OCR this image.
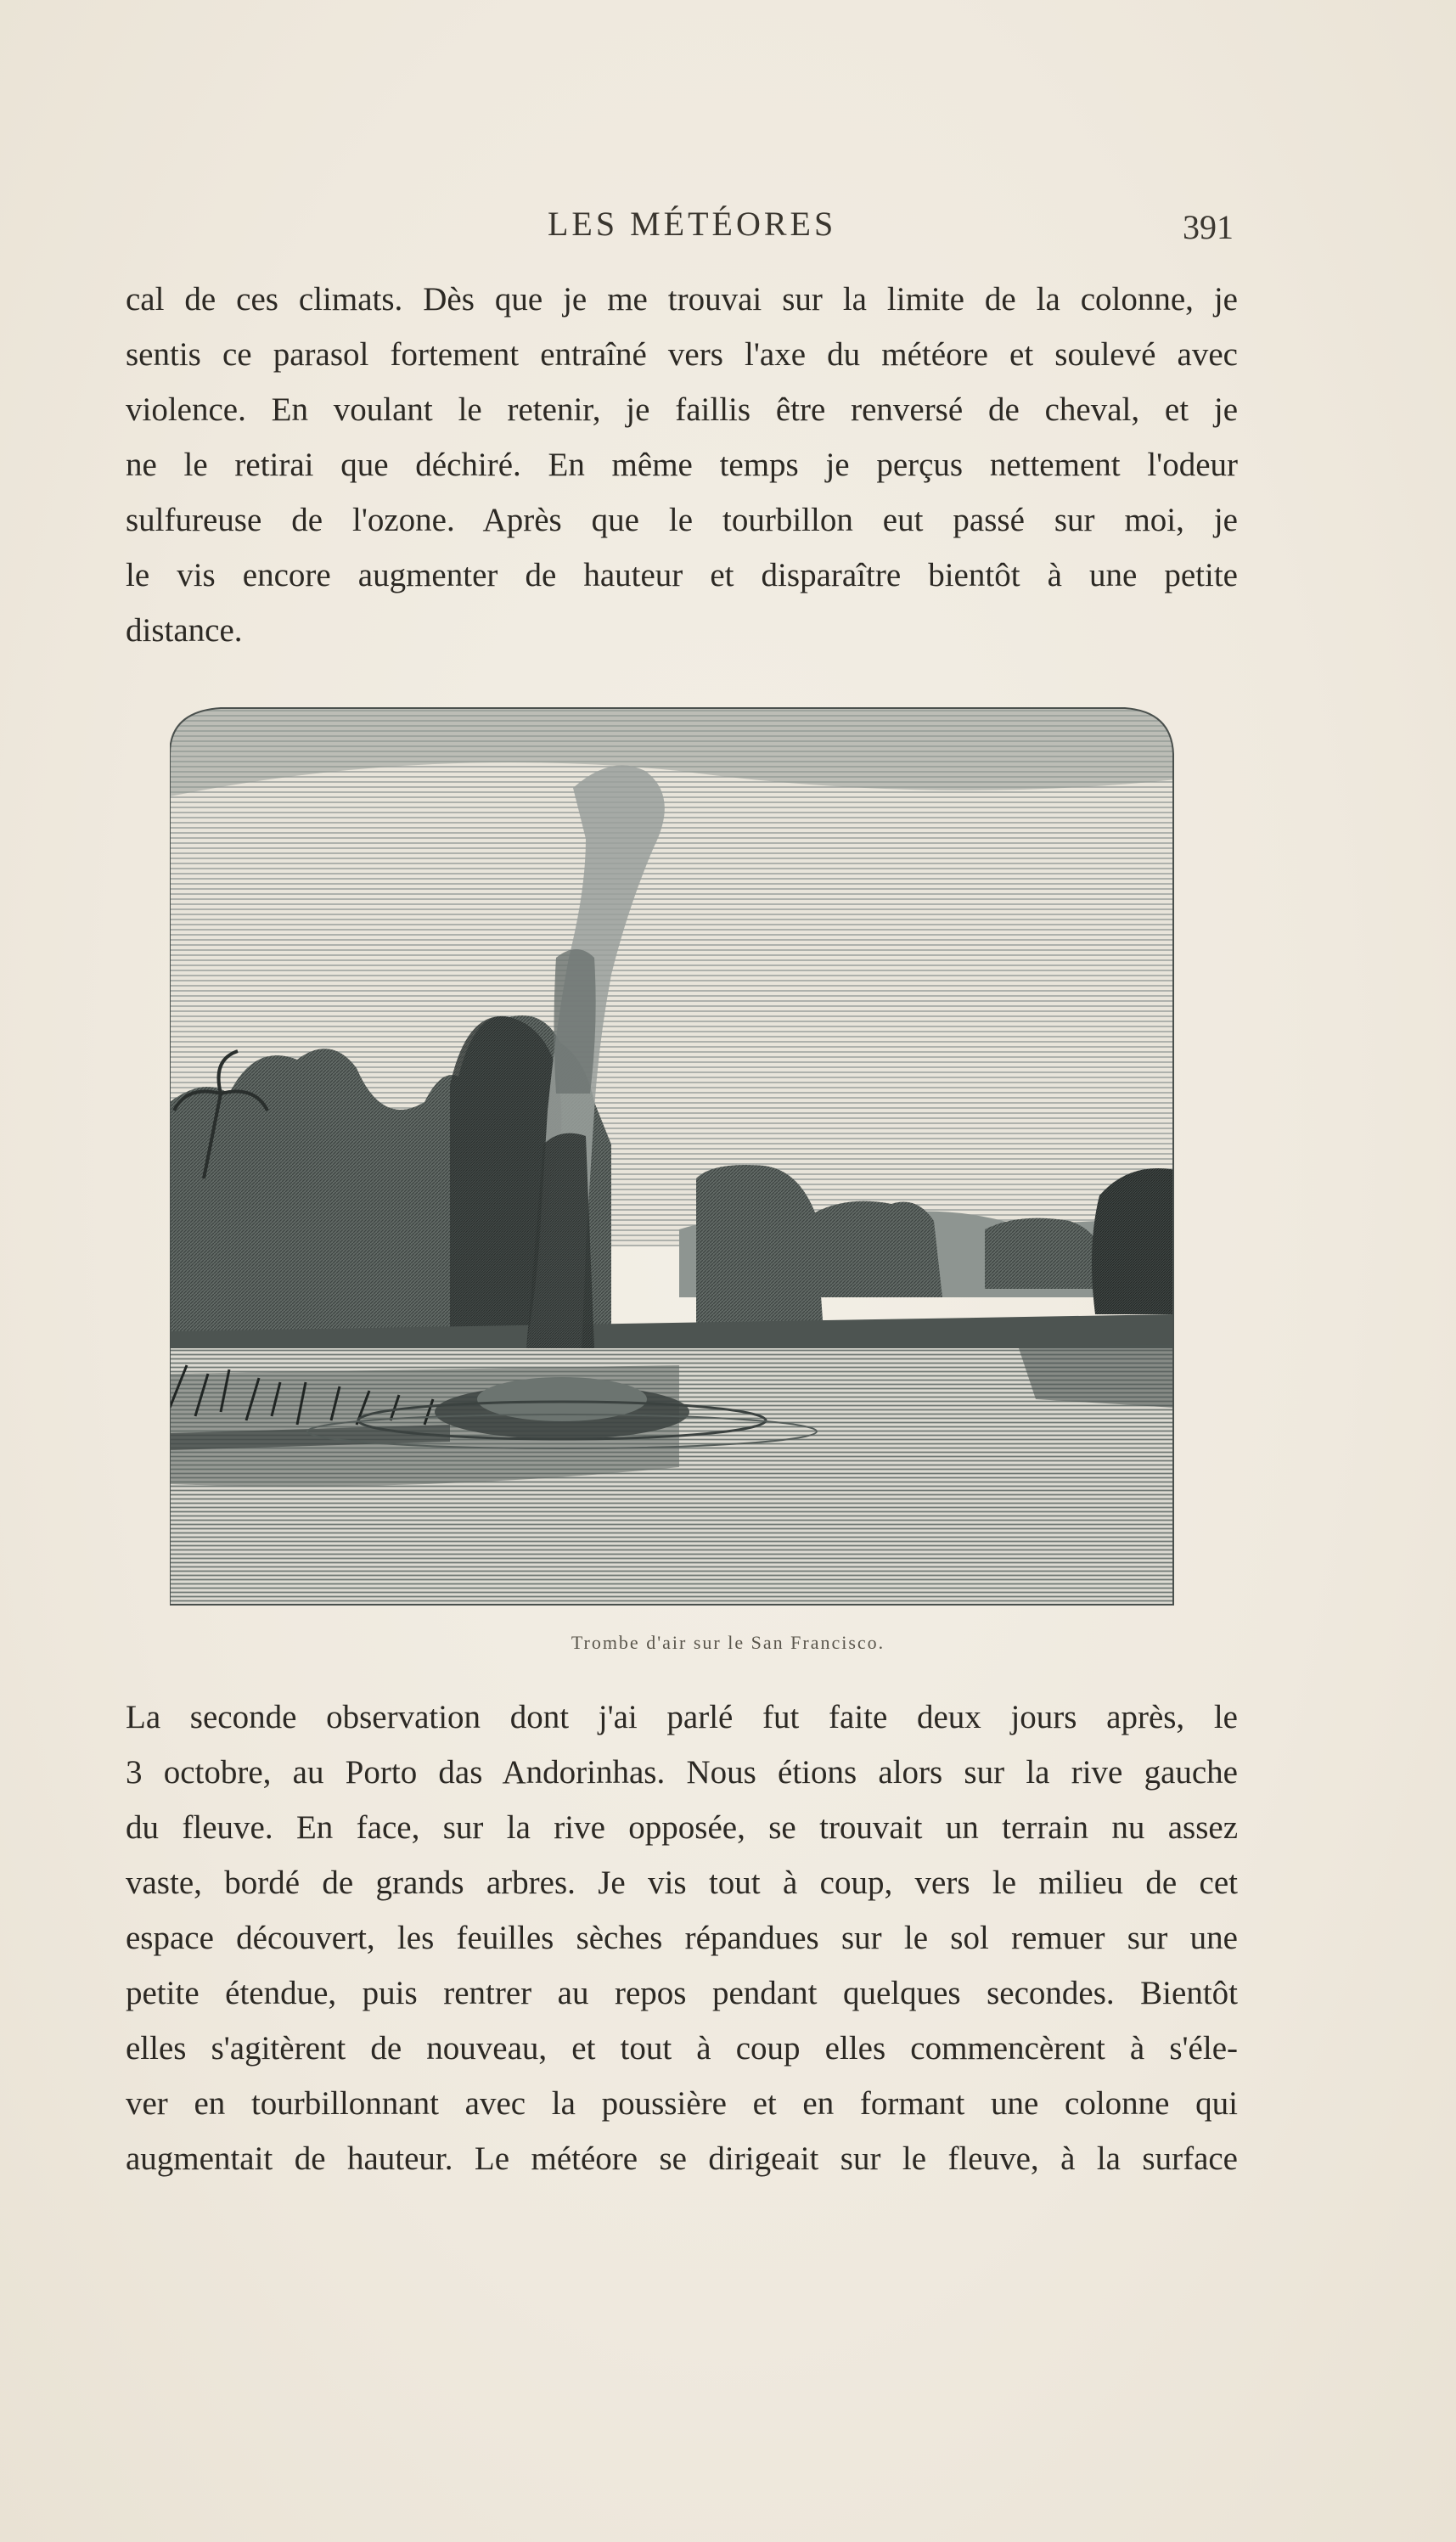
LES MÉTÉORES	391
cal de ces climats. Dès que je me trouvai sur la limite de la colonne, je
sentis ce parasol fortement entraîné vers l'axe du météore et soulevé avec
violence. En voulant le retenir, je faillis être renversé de cheval, et je
ne le retirai que déchiré. En même temps je perçus nettement l'odeur
sulfureuse de l'ozone. Après que le tourbillon eut passé sur moi, je
le vis encore augmenter de hauteur et disparaître bientôt à une petite
distance.
Trombe d'air sur le San Francisco.
La seconde observation dont j'ai parlé fut faite deux jours après, le
3 octobre, au Porto das Andorinhas. Nous étions alors sur la rive gauche
du fleuve. En face, sur la rive opposée, se trouvait un terrain nu assez
vaste, bordé de grands arbres. Je vis tout à coup, vers le milieu de cet
espace découvert, les feuilles sèches répandues sur le sol remuer sur une
petite étendue, puis rentrer au repos pendant quelques secondes. Bientôt
elles s'agitèrent de nouveau, et tout à coup elles commencèrent à s'éle-
ver en tourbillonnant avec la poussière et en formant une colonne qui
augmentait de hauteur. Le météore se dirigeait sur le fleuve, à la surface
